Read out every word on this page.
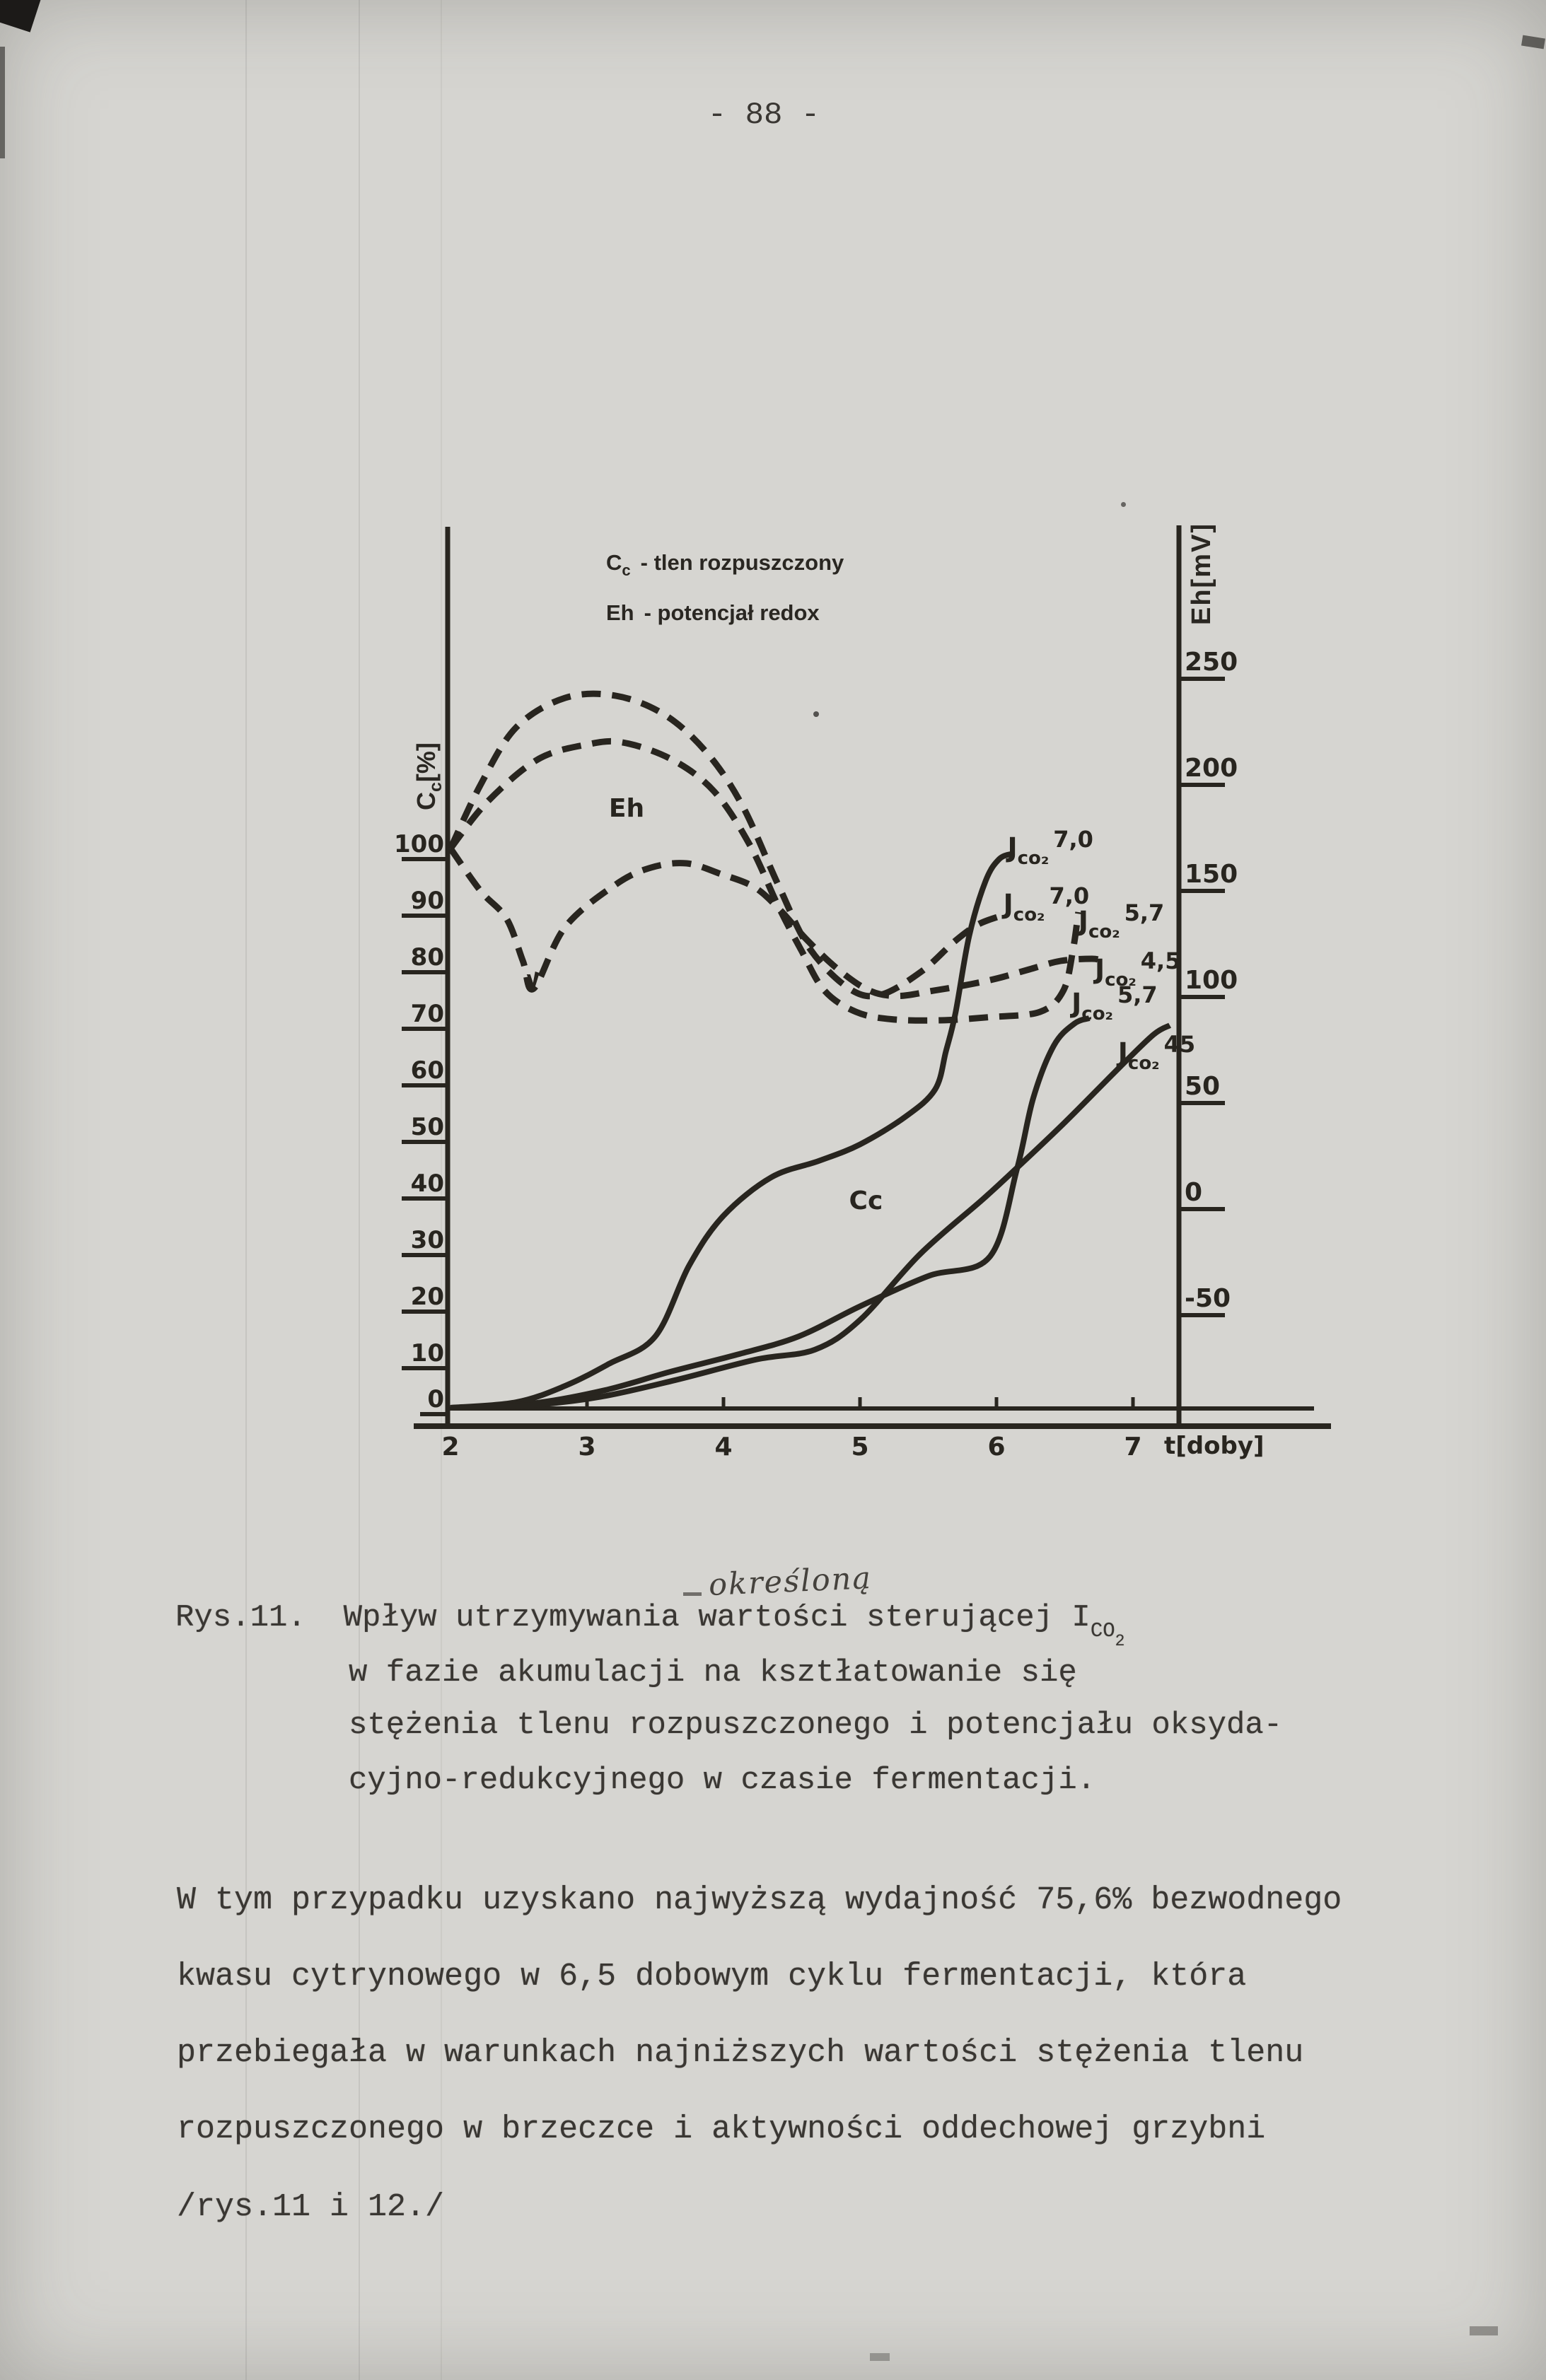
- 88 -
100
90
80
70
60
50
40
30
20
10
0
250
200
150
100
50
0
-50
2	3	4	5	6	7 t[doby]
Jco₂7,0
Jco₂7,0
Jco₂5,7
Jco₂4,5
Jco₂5,7
Jco₂45
Eh
Cc
$C_c$ - tlen rozpuszczony
Eh - potencjał redox
$C_c[\%]$
Eh[mV]
określoną
Rys.11.  Wpływ utrzymywania wartości sterującej $I_{CO2}$
w fazie akumulacji na ksztłatowanie się
stężenia tlenu rozpuszczonego i potencjału oksyda-
cyjno-redukcyjnego w czasie fermentacji.
W tym przypadku uzyskano najwyższą wydajność 75,6% bezwodnego
kwasu cytrynowego w 6,5 dobowym cyklu fermentacji, która
przebiegała w warunkach najniższych wartości stężenia tlenu
rozpuszczonego w brzeczce i aktywności oddechowej grzybni
/rys.11 i 12./
